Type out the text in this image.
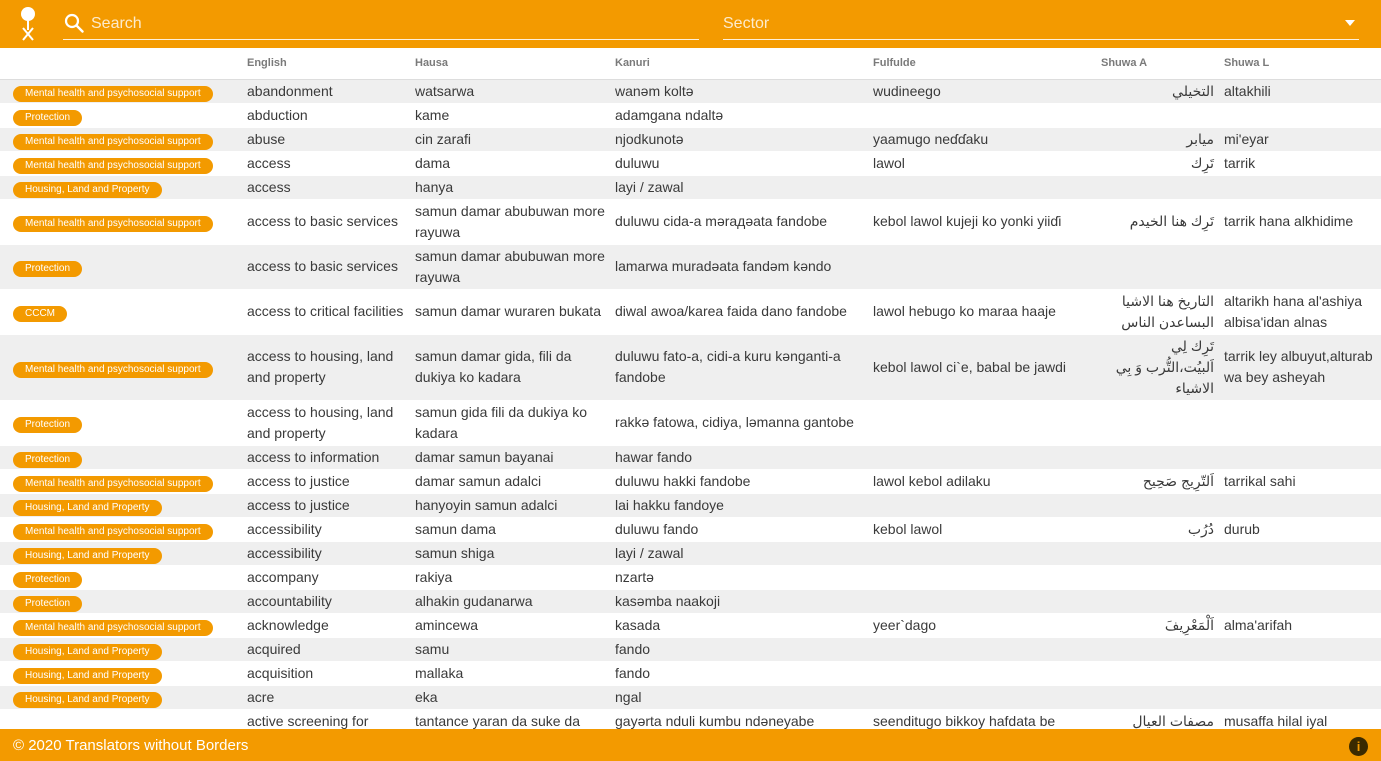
Search
Sector
	English	Hausa	Kanuri	Fulfulde	Shuwa A	Shuwa L
Mental health and psychosocial support	abandonment	watsarwa	wanəm koltə	wudineego	التخيلي	altakhili
Protection	abduction	kame	adamgana ndaltə			
Mental health and psychosocial support	abuse	cin zarafi	njodkunotə	yaamugo neɗɗaku	ميابر	mi'eyar
Mental health and psychosocial support	access	dama	duluwu	lawol	تَرِك	tarrik
Housing, Land and Property	access	hanya	layi / zawal			
Mental health and psychosocial support	access to basic services	samun damar abubuwan more rayuwa	duluwu cida-a mərадəata fandobe	kebol lawol kujeji ko yonki yiiɗi	تَرِك هنا الخيدم	tarrik hana alkhidime
Protection	access to basic services	samun damar abubuwan more rayuwa	lamarwa muradəata fandəm kəndo			
CCCM	access to critical facilities	samun damar wuraren bukata	diwal awoa/karea faida dano fandobe	lawol hebugo ko maraa haaje	التاريخ هنا الاشيا البساعدن الناس	altarikh hana al'ashiya albisa'idan alnas
Mental health and psychosocial support	access to housing, land and property	samun damar gida, fili da dukiya ko kadara	duluwu fato-a, cidi-a kuru kənganti-a fandobe	kebol lawol ci`e, babal be jawdi	تَرِك لِي اَلبيُت،التُّرب وَ بِي الاشياء	tarrik ley albuyut,alturab wa bey asheyah
Protection	access to housing, land and property	samun gida fili da dukiya ko kadara	rakkə fatowa, cidiya, ləmanna gantobe			
Protection	access to information	damar samun bayanai	hawar fando			
Mental health and psychosocial support	access to justice	damar samun adalci	duluwu hakki fandobe	lawol kebol adilaku	اَلتّرِيج صَحِيح	tarrikal sahi
Housing, Land and Property	access to justice	hanyoyin samun adalci	lai hakku fandoye			
Mental health and psychosocial support	accessibility	samun dama	duluwu fando	kebol lawol	دُرُب	durub
Housing, Land and Property	accessibility	samun shiga	layi / zawal			
Protection	accompany	rakiya	nzartə			
Protection	accountability	alhakin gudanarwa	kasəmba naakoji			
Mental health and psychosocial support	acknowledge	amincewa	kasada	yeer`dago	اَلْمَعْرِيفَ	alma'arifah
Housing, Land and Property	acquired	samu	fando			
Housing, Land and Property	acquisition	mallaka	fando			
Housing, Land and Property	acre	eka	ngal			
	active screening for	tantance yaran da suke da	gayərta nduli kumbu ndəneyabe	seenditugo bikkoy hafdata be	مصفات العيال	musaffa hilal iyal
© 2020 Translators without Borders	i
